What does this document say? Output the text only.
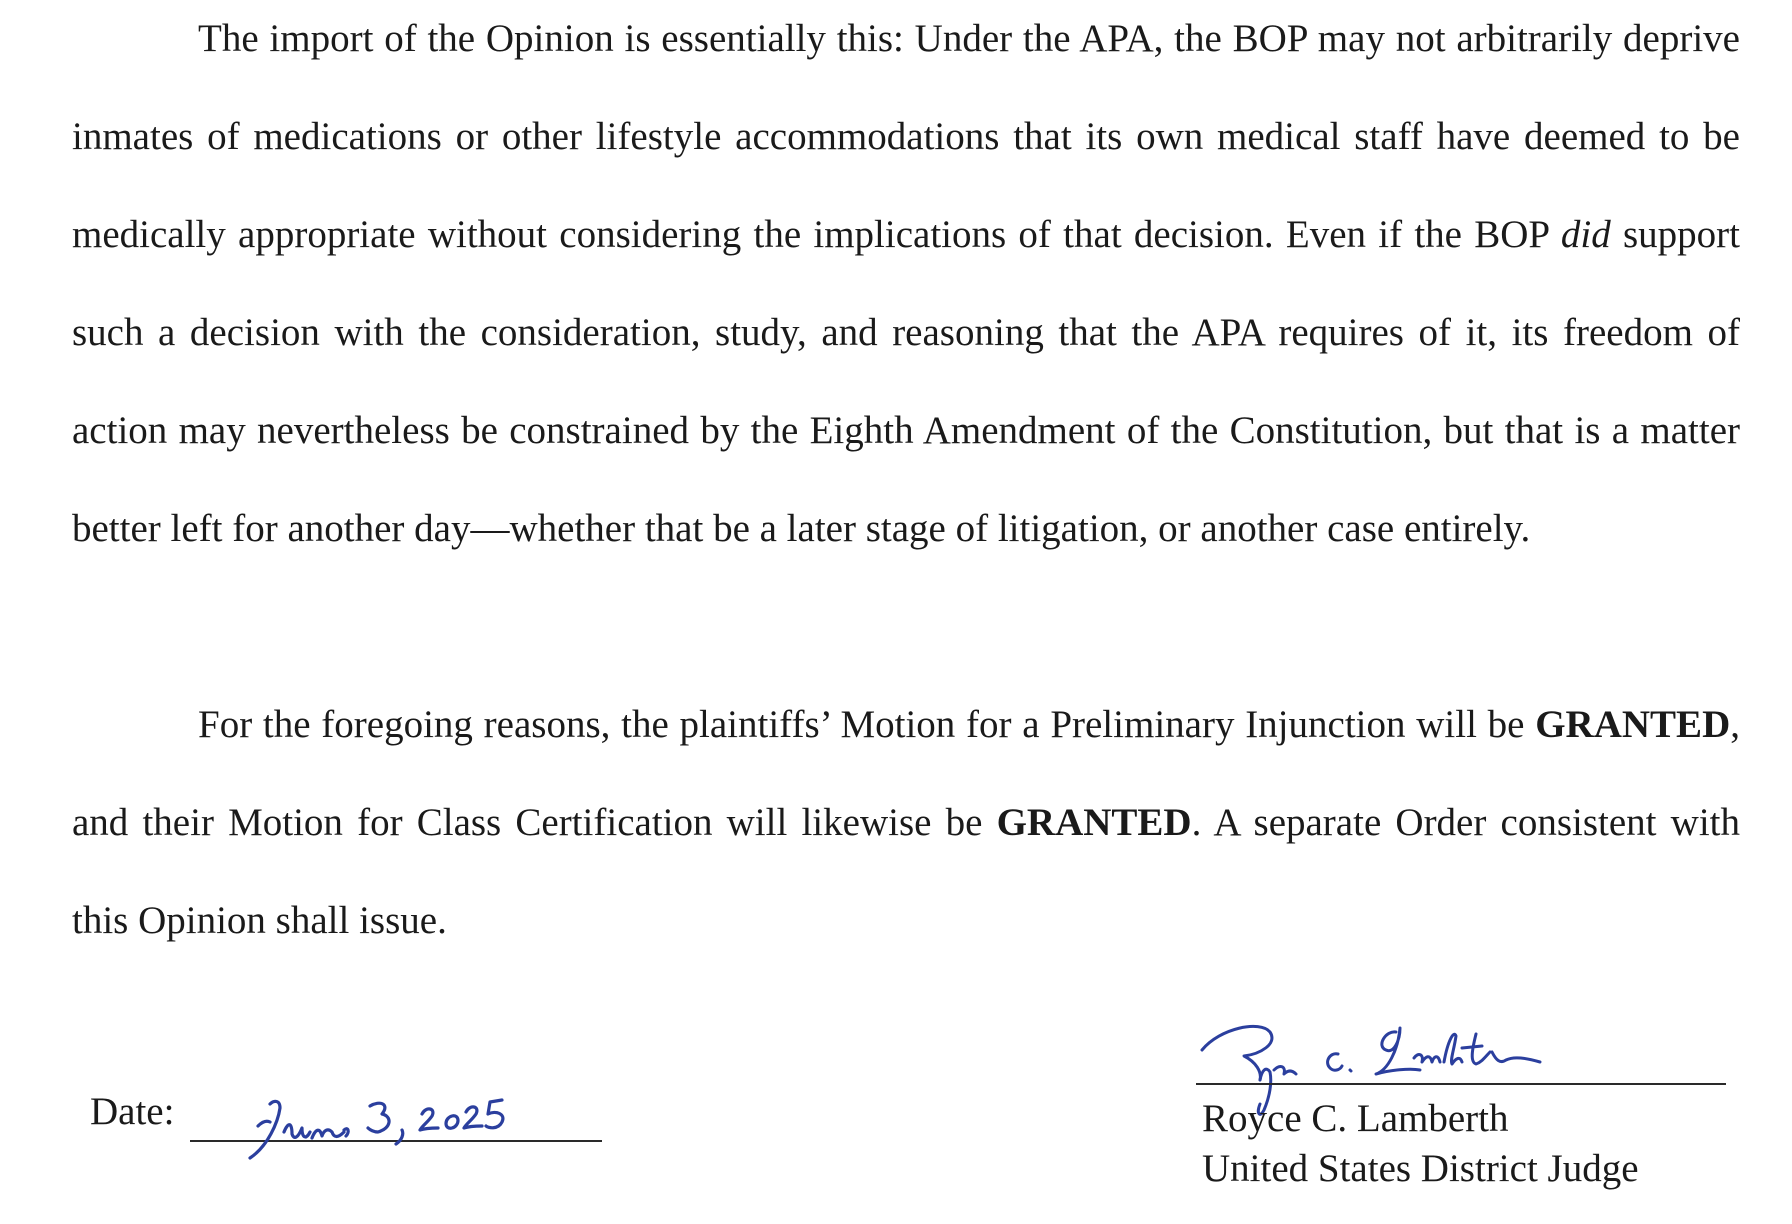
The import of the Opinion is essentially this: Under the APA, the BOP may not arbitrarily deprive inmates of medications or other lifestyle accommodations that its own medical staff have deemed to be medically appropriate without considering the implications of that decision. Even if the BOP did support such a decision with the consideration, study, and reasoning that the APA requires of it, its freedom of action may nevertheless be constrained by the Eighth Amendment of the Constitution, but that is a matter better left for another day—whether that be a later stage of litigation, or another case entirely.

For the foregoing reasons, the plaintiffs’ Motion for a Preliminary Injunction will be GRANTED, and their Motion for Class Certification will likewise be GRANTED. A separate Order consistent with this Opinion shall issue.

Date:	Royce C. Lamberth
United States District Judge
